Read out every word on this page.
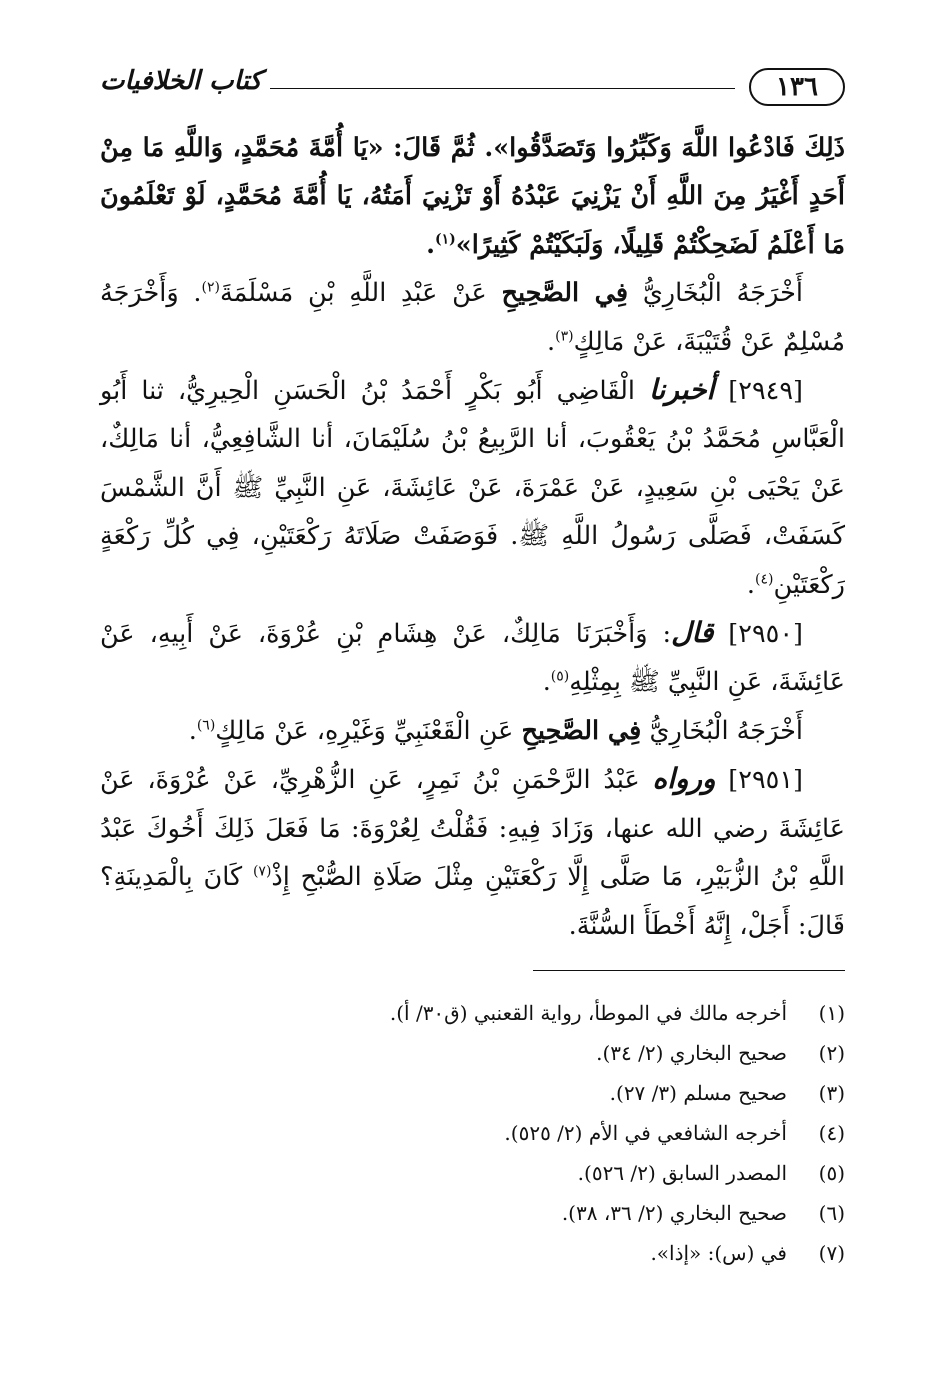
١٣٦
كتاب الخلافيات

ذَلِكَ فَادْعُوا اللَّهَ وَكَبِّرُوا وَتَصَدَّقُوا». ثُمَّ قَالَ: «يَا أُمَّةَ مُحَمَّدٍ، وَاللَّهِ مَا مِنْ أَحَدٍ أَغْيَرُ مِنَ اللَّهِ أَنْ يَزْنِيَ عَبْدُهُ أَوْ تَزْنِيَ أَمَتُهُ، يَا أُمَّةَ مُحَمَّدٍ، لَوْ تَعْلَمُونَ مَا أَعْلَمُ لَضَحِكْتُمْ قَلِيلًا، وَلَبَكَيْتُمْ كَثِيرًا»$^{(١)}$.

أَخْرَجَهُ الْبُخَارِيُّ فِي الصَّحِيحِ عَنْ عَبْدِ اللَّهِ بْنِ مَسْلَمَةَ$^{(٢)}$. وَأَخْرَجَهُ مُسْلِمٌ عَنْ قُتَيْبَةَ، عَنْ مَالِكٍ$^{(٣)}$.

[٢٩٤٩] أخبرنا الْقَاضِي أَبُو بَكْرٍ أَحْمَدُ بْنُ الْحَسَنِ الْحِيرِيُّ، ثنا أَبُو الْعَبَّاسِ مُحَمَّدُ بْنُ يَعْقُوبَ، أنا الرَّبِيعُ بْنُ سُلَيْمَانَ، أنا الشَّافِعِيُّ، أنا مَالِكٌ، عَنْ يَحْيَى بْنِ سَعِيدٍ، عَنْ عَمْرَةَ، عَنْ عَائِشَةَ، عَنِ النَّبِيِّ ﷺ أَنَّ الشَّمْسَ كَسَفَتْ، فَصَلَّى رَسُولُ اللَّهِ ﷺ. فَوَصَفَتْ صَلَاتَهُ رَكْعَتَيْنِ، فِي كُلِّ رَكْعَةٍ رَكْعَتَيْنِ$^{(٤)}$.

[٢٩٥٠] قال: وَأَخْبَرَنَا مَالِكٌ، عَنْ هِشَامِ بْنِ عُرْوَةَ، عَنْ أَبِيهِ، عَنْ عَائِشَةَ، عَنِ النَّبِيِّ ﷺ بِمِثْلِهِ$^{(٥)}$.

أَخْرَجَهُ الْبُخَارِيُّ فِي الصَّحِيحِ عَنِ الْقَعْنَبِيِّ وَغَيْرِهِ، عَنْ مَالِكٍ$^{(٦)}$.

[٢٩٥١] ورواه عَبْدُ الرَّحْمَنِ بْنُ نَمِرٍ، عَنِ الزُّهْرِيِّ، عَنْ عُرْوَةَ، عَنْ عَائِشَةَ رضي الله عنها، وَزَادَ فِيهِ: فَقُلْتُ لِعُرْوَةَ: مَا فَعَلَ ذَلِكَ أَخُوكَ عَبْدُ اللَّهِ بْنُ الزُّبَيْرِ، مَا صَلَّى إِلَّا رَكْعَتَيْنِ مِثْلَ صَلَاةِ الصُّبْحِ إِذْ$^{(٧)}$ كَانَ بِالْمَدِينَةِ؟ قَالَ: أَجَلْ، إِنَّهُ أَخْطَأَ السُّنَّةَ.

(١)
أخرجه مالك في الموطأ، رواية القعنبي (ق٣٠/ أ).
(٢)
صحيح البخاري (٢/ ٣٤).
(٣)
صحيح مسلم (٣/ ٢٧).
(٤)
أخرجه الشافعي في الأم (٢/ ٥٢٥).
(٥)
المصدر السابق (٢/ ٥٢٦).
(٦)
صحيح البخاري (٢/ ٣٦، ٣٨).
(٧)
في (س): «إذا».
